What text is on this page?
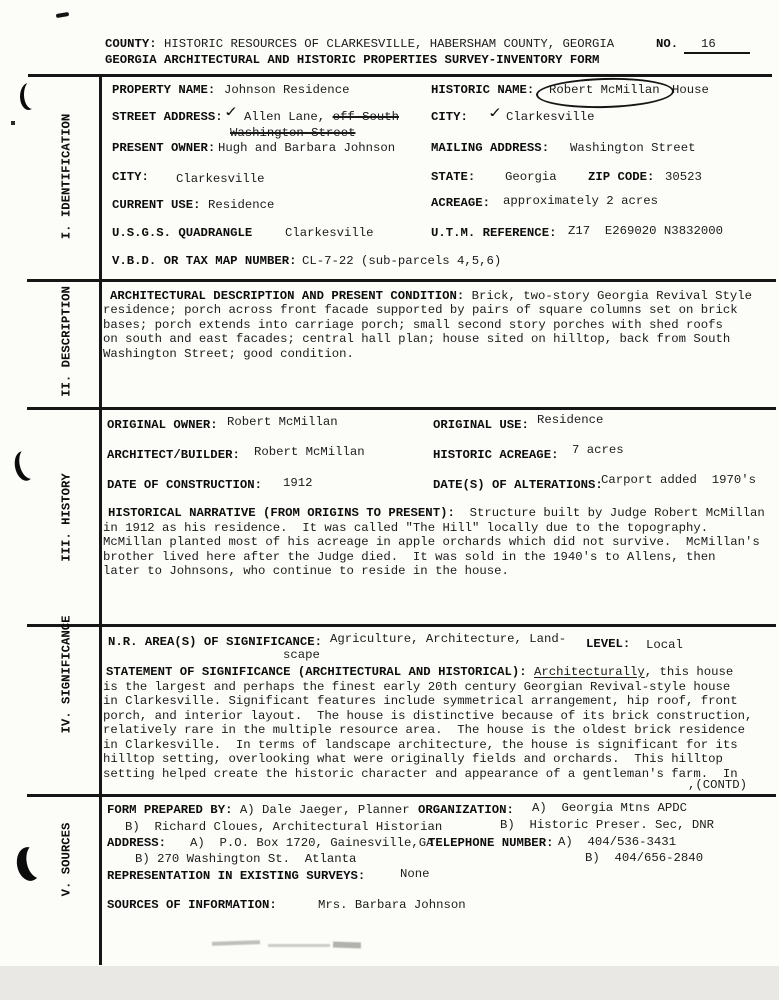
COUNTY: HISTORIC RESOURCES OF CLARKESVILLE, HABERSHAM COUNTY, GEORGIA	NO. 16
GEORGIA ARCHITECTURAL AND HISTORIC PROPERTIES SURVEY-INVENTORY FORM
I. IDENTIFICATION
II. DESCRIPTION
III. HISTORY
IV. SIGNIFICANCE
V. SOURCES
PROPERTY NAME: Johnson Residence	HISTORIC NAME: Robert McMillan House
STREET ADDRESS: ✓ Allen Lane, off South
Washington Street
CITY: ✓ Clarkesville
PRESENT OWNER: Hugh and Barbara Johnson	MAILING ADDRESS: Washington Street
CITY: Clarkesville	STATE: Georgia	ZIP CODE: 30523
CURRENT USE: Residence	ACREAGE: approximately 2 acres
U.S.G.S. QUADRANGLE	Clarkesville	U.T.M. REFERENCE: Z17  E269020 N3832000
V.B.D. OR TAX MAP NUMBER: CL-7-22 (sub-parcels 4,5,6)
ARCHITECTURAL DESCRIPTION AND PRESENT CONDITION: Brick, two-story Georgia Revival Style
residence; porch across front facade supported by pairs of square columns set on brick
bases; porch extends into carriage porch; small second story porches with shed roofs
on south and east facades; central hall plan; house sited on hilltop, back from South
Washington Street; good condition.
ORIGINAL OWNER: Robert McMillan	ORIGINAL USE: Residence
ARCHITECT/BUILDER: Robert McMillan	HISTORIC ACREAGE: 7 acres
DATE OF CONSTRUCTION: 1912	DATE(S) OF ALTERATIONS:
Carport added  1970's
HISTORICAL NARRATIVE (FROM ORIGINS TO PRESENT):  Structure built by Judge Robert McMillan
in 1912 as his residence.  It was called "The Hill" locally due to the topography.
McMillan planted most of his acreage in apple orchards which did not survive.  McMillan's
brother lived here after the Judge died.  It was sold in the 1940's to Allens, then
later to Johnsons, who continue to reside in the house.
N.R. AREA(S) OF SIGNIFICANCE: Agriculture, Architecture, Land-
scape
LEVEL: Local
STATEMENT OF SIGNIFICANCE (ARCHITECTURAL AND HISTORICAL): Architecturally, this house
is the largest and perhaps the finest early 20th century Georgian Revival-style house
in Clarkesville. Significant features include symmetrical arrangement, hip roof, front
porch, and interior layout.  The house is distinctive because of its brick construction,
relatively rare in the multiple resource area.  The house is the oldest brick residence
in Clarkesville.  In terms of landscape architecture, the house is significant for its
hilltop setting, overlooking what were originally fields and orchards.  This hilltop
setting helped create the historic character and appearance of a gentleman's farm.  In
,(CONTD)
FORM PREPARED BY: A) Dale Jaeger, Planner ORGANIZATION: A)  Georgia Mtns APDC
B)  Richard Cloues, Architectural Historian	B)  Historic Preser. Sec, DNR
ADDRESS: A)  P.O. Box 1720, Gainesville,GA
TELEPHONE NUMBER: A)  404/536-3431
B) 270 Washington St.  Atlanta	B)  404/656-2840
REPRESENTATION IN EXISTING SURVEYS:	None
SOURCES OF INFORMATION:	Mrs. Barbara Johnson
